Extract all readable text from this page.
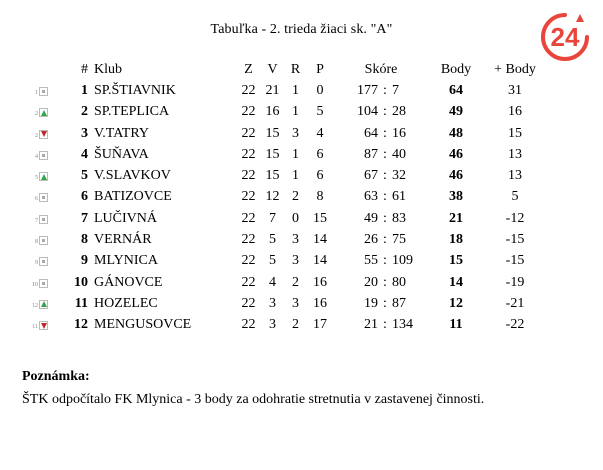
Tabuľka - 2. trieda žiaci sk. "A"	24
	#	Klub	Z	V	R	P	Skóre			Body	+ Body

1	1	SP.ŠTIAVNIK	22	21	1	0	177	:	7	64	31

2	2	SP.TEPLICA	22	16	1	5	104	:	28	49	16

2	3	V.TATRY	22	15	3	4	64	:	16	48	15

4	4	ŠUŇAVA	22	15	1	6	87	:	40	46	13

5	5	V.SLAVKOV	22	15	1	6	67	:	32	46	13

6	6	BATIZOVCE	22	12	2	8	63	:	61	38	5

7	7	LUČIVNÁ	22	7	0	15	49	:	83	21	-12

8	8	VERNÁR	22	5	3	14	26	:	75	18	-15

9	9	MLYNICA	22	5	3	14	55	:	109	15	-15

10	10	GÁNOVCE	22	4	2	16	20	:	80	14	-19

12	11	HOZELEC	22	3	3	16	19	:	87	12	-21

11	12	MENGUSOVCE	22	3	2	17	21	:	134	11	-22
Poznámka:
ŠTK odpočítalo FK Mlynica - 3 body za odohratie stretnutia v zastavenej činnosti.
